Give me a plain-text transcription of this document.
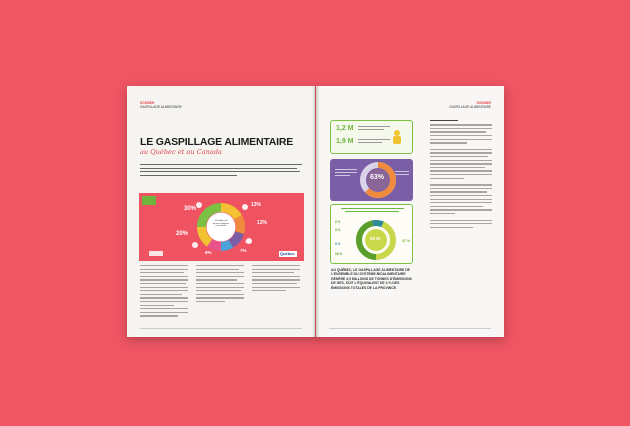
DOSSIER
GASPILLAGE ALIMENTAIRE
LE GASPILLAGE ALIMENTAIRE
au Québec et au Canada
30%
13%
13%
20%
6%	7%
4%
3,4 millions de tonnes d'aliments comestibles
Québec
DOSSIER
GASPILLAGE ALIMENTAIRE
1,2 M
1,9 M
63%
20 M	47 %
2 %
3 %
9 %
18 %
AU QUÉBEC, LE GASPILLAGE ALIMENTAIRE DE L'ENSEMBLE DU SYSTÈME BIOALIMENTAIRE GÉNÈRE 3,5 MILLIONS DE TONNES D'ÉMISSIONS DE GES, SOIT L'ÉQUIVALENT DE 4 % DES ÉMISSIONS TOTALES DE LA PROVINCE.
